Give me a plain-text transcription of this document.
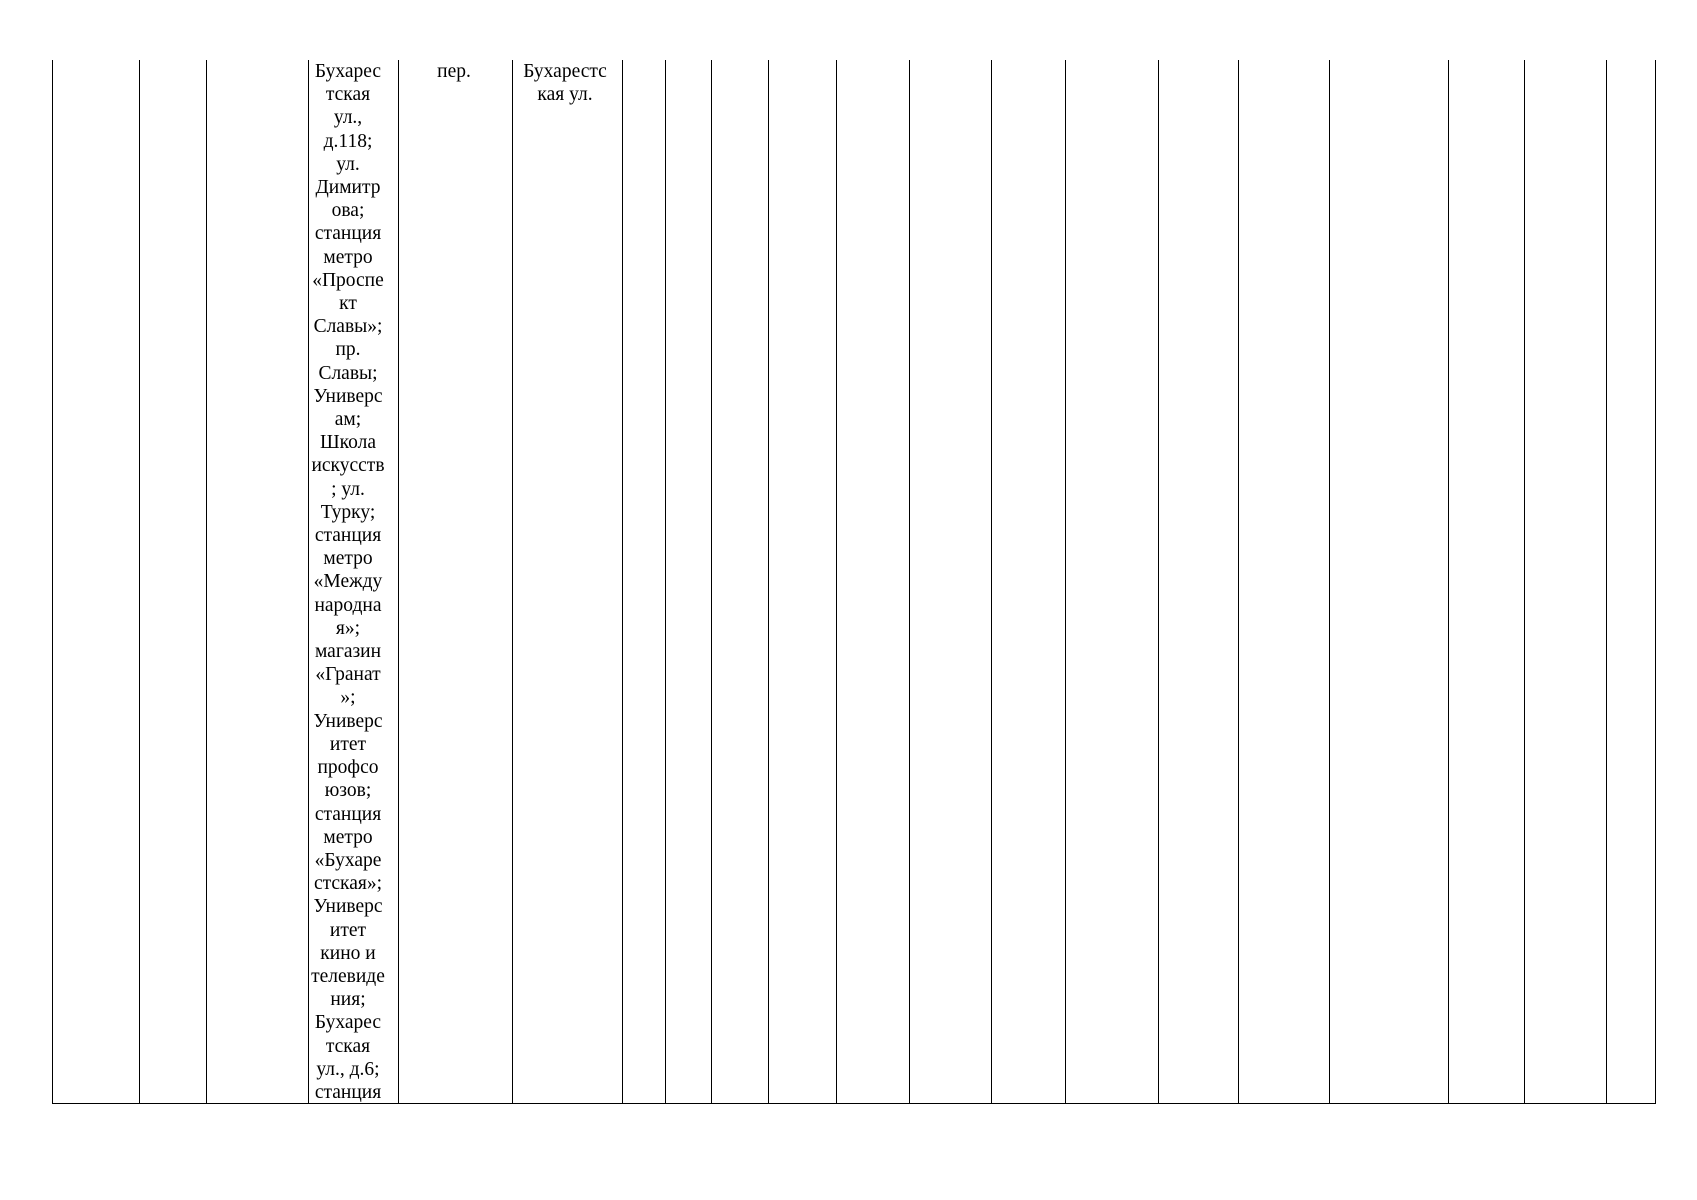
Бухарес
тская
ул.,
д.118;
ул.
Димитр
ова;
станция
метро
«Проспе
кт
Славы»;
пр.
Славы;
Универс
ам;
Школа
искусств
; ул.
Турку;
станция
метро
«Между
народна
я»;
магазин
«Гранат
»;
Универс
итет
профсо
юзов;
станция
метро
«Бухаре
стская»;
Универс
итет
кино и
телевиде
ния;
Бухарес
тская
ул., д.6;
станция
пер.	Бухарестс
кая ул.
